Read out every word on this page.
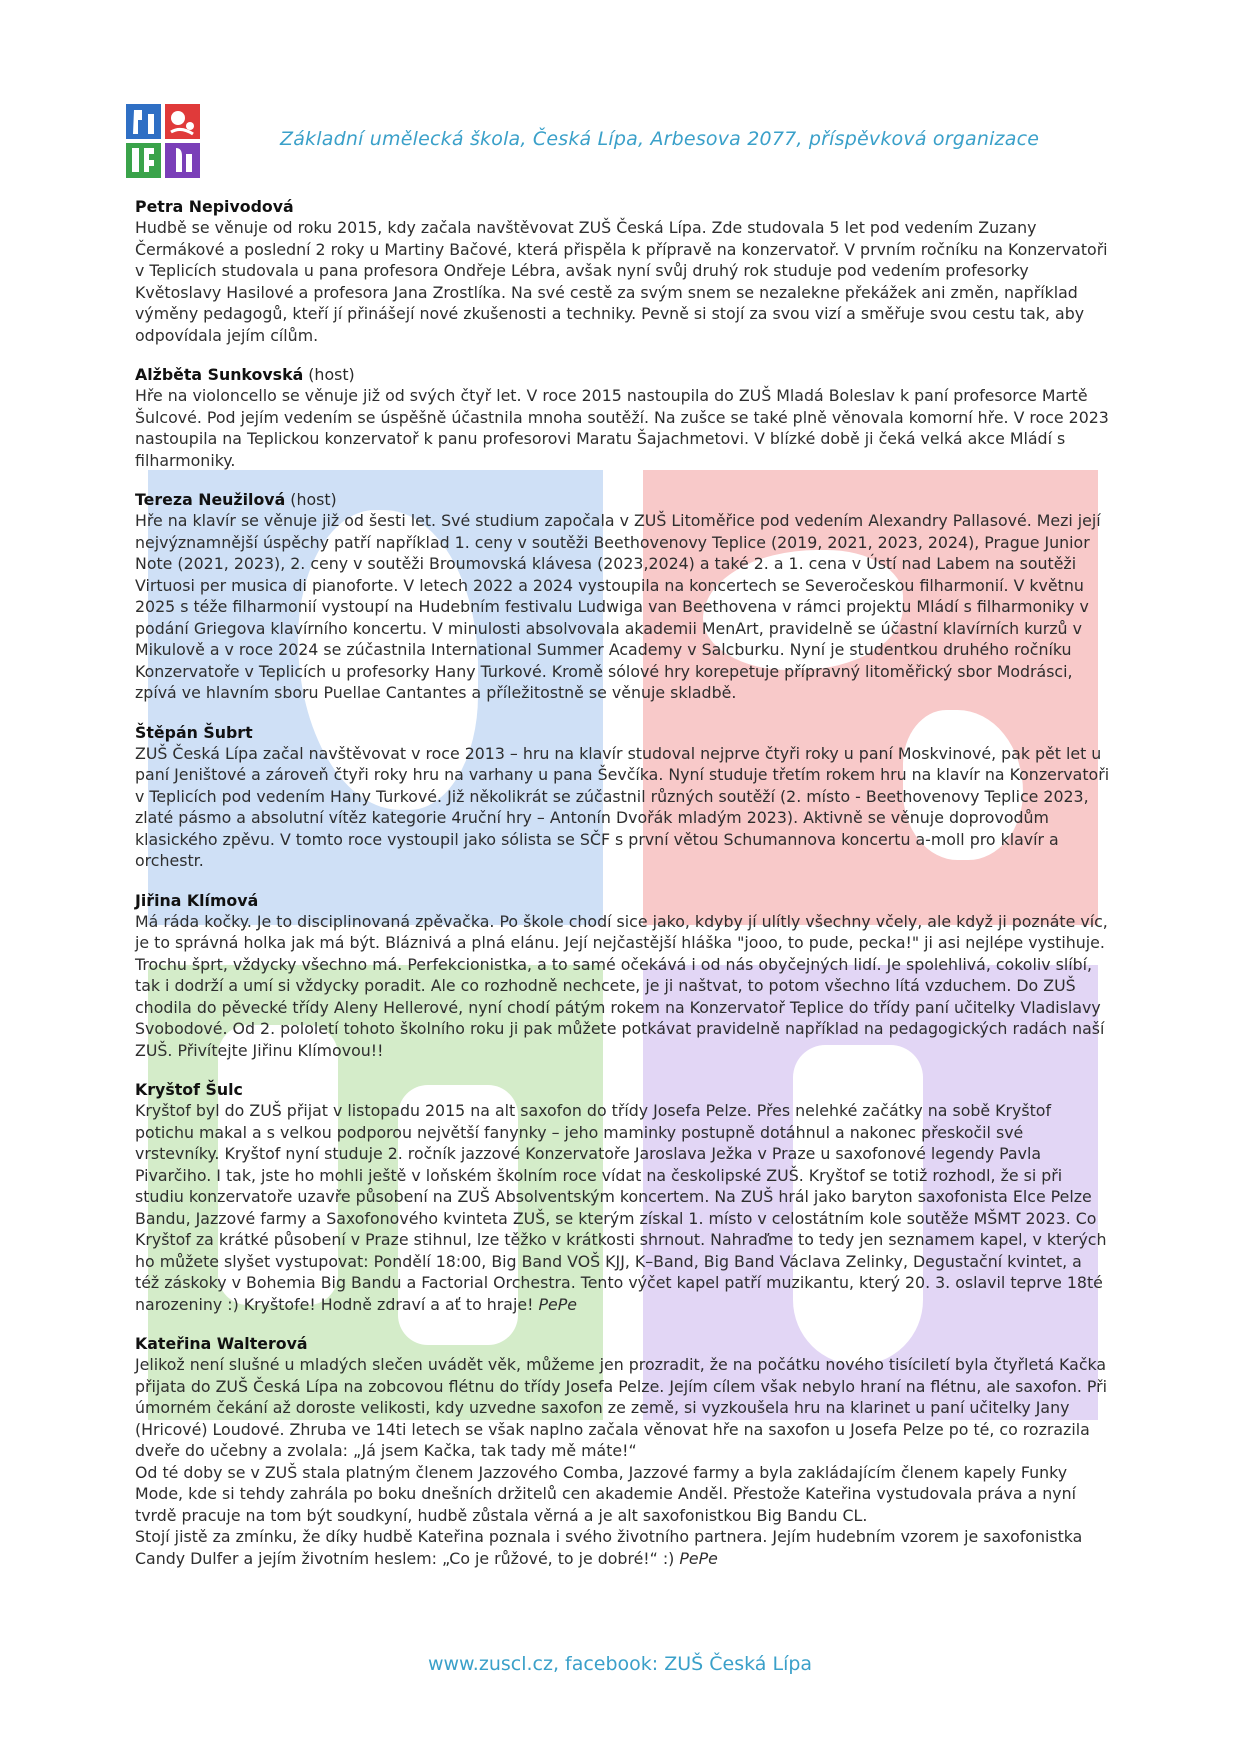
Základní umělecká škola, Česká Lípa, Arbesova 2077, příspěvková organizace
Petra Nepivodová

Hudbě se věnuje od roku 2015, kdy začala navštěvovat ZUŠ Česká Lípa. Zde studovala 5 let pod vedením Zuzany Čermákové a poslední 2 roky u Martiny Bačové, která přispěla k přípravě na konzervatoř. V prvním ročníku na Konzervatoři v Teplicích studovala u pana profesora Ondřeje Lébra, avšak nyní svůj druhý rok studuje pod vedením profesorky Květoslavy Hasilové a profesora Jana Zrostlíka. Na své cestě za svým snem se nezalekne překážek ani změn, například výměny pedagogů, kteří jí přinášejí nové zkušenosti a techniky. Pevně si stojí za svou vizí a směřuje svou cestu tak, aby odpovídala jejím cílům.

Alžběta Sunkovská (host)

Hře na violoncello se věnuje již od svých čtyř let. V roce 2015 nastoupila do ZUŠ Mladá Boleslav k paní profesorce Martě Šulcové. Pod jejím vedením se úspěšně účastnila mnoha soutěží. Na zušce se také plně věnovala komorní hře. V roce 2023 nastoupila na Teplickou konzervatoř k panu profesorovi Maratu Šajachmetovi. V blízké době ji čeká velká akce Mládí s filharmoniky.

Tereza Neužilová (host)

Hře na klavír se věnuje již od šesti let. Své studium započala v ZUŠ Litoměřice pod vedením Alexandry Pallasové. Mezi její nejvýznamnější úspěchy patří například 1. ceny v soutěži Beethovenovy Teplice (2019, 2021, 2023, 2024), Prague Junior Note (2021, 2023), 2. ceny v soutěži Broumovská klávesa (2023,2024) a také 2. a 1. cena v Ústí nad Labem na soutěži Virtuosi per musica di pianoforte. V letech 2022 a 2024 vystoupila na koncertech se Severočeskou filharmonií. V květnu 2025 s téže filharmonií vystoupí na Hudebním festivalu Ludwiga van Beethovena v rámci projektu Mládí s filharmoniky v podání Griegova klavírního koncertu. V minulosti absolvovala akademii MenArt, pravidelně se účastní klavírních kurzů v Mikulově a v roce 2024 se zúčastnila International Summer Academy v Salcburku. Nyní je studentkou druhého ročníku Konzervatoře v Teplicích u profesorky Hany Turkové. Kromě sólové hry korepetuje přípravný litoměřický sbor Modrásci, zpívá ve hlavním sboru Puellae Cantantes a příležitostně se věnuje skladbě.

Štěpán Šubrt

ZUŠ Česká Lípa začal navštěvovat v roce 2013 – hru na klavír studoval nejprve čtyři roky u paní Moskvinové, pak pět let u paní Jeništové a zároveň čtyři roky hru na varhany u pana Ševčíka. Nyní studuje třetím rokem hru na klavír na Konzervatoři v Teplicích pod vedením Hany Turkové. Již několikrát se zúčastnil různých soutěží (2. místo - Beethovenovy Teplice 2023, zlaté pásmo a absolutní vítěz kategorie 4ruční hry – Antonín Dvořák mladým 2023). Aktivně se věnuje doprovodům klasického zpěvu. V tomto roce vystoupil jako sólista se SČF s první větou Schumannova koncertu a-moll pro klavír a orchestr.

Jiřina Klímová

Má ráda kočky. Je to disciplinovaná zpěvačka. Po škole chodí sice jako, kdyby jí ulítly všechny včely, ale když ji poznáte víc, je to správná holka jak má být. Bláznivá a plná elánu. Její nejčastější hláška "jooo, to pude, pecka!" ji asi nejlépe vystihuje. Trochu šprt, vždycky všechno má. Perfekcionistka, a to samé očekává i od nás obyčejných lidí. Je spolehlivá, cokoliv slíbí, tak i dodrží a umí si vždycky poradit. Ale co rozhodně nechcete, je ji naštvat, to potom všechno lítá vzduchem. Do ZUŠ chodila do pěvecké třídy Aleny Hellerové, nyní chodí pátým rokem na Konzervatoř Teplice do třídy paní učitelky Vladislavy Svobodové. Od 2. pololetí tohoto školního roku ji pak můžete potkávat pravidelně například na pedagogických radách naší ZUŠ. Přivítejte Jiřinu Klímovou!!

Kryštof Šulc

Kryštof byl do ZUŠ přijat v listopadu 2015 na alt saxofon do třídy Josefa Pelze. Přes nelehké začátky na sobě Kryštof potichu makal a s velkou podporou největší fanynky – jeho maminky postupně dotáhnul a nakonec přeskočil své vrstevníky. Kryštof nyní studuje 2. ročník jazzové Konzervatoře Jaroslava Ježka v Praze u saxofonové legendy Pavla Pivarčiho. I tak, jste ho mohli ještě v loňském školním roce vídat na českolipské ZUŠ. Kryštof se totiž rozhodl, že si při studiu konzervatoře uzavře působení na ZUŠ Absolventským koncertem. Na ZUŠ hrál jako baryton saxofonista Elce Pelze Bandu, Jazzové farmy a Saxofonového kvinteta ZUŠ, se kterým získal 1. místo v celostátním kole soutěže MŠMT 2023. Co Kryštof za krátké působení v Praze stihnul, lze těžko v krátkosti shrnout. Nahraďme to tedy jen seznamem kapel, v kterých ho můžete slyšet vystupovat: Pondělí 18:00, Big Band VOŠ KJJ, K–Band, Big Band Václava Zelinky, Degustační kvintet, a též záskoky v Bohemia Big Bandu a Factorial Orchestra. Tento výčet kapel patří muzikantu, který 20. 3. oslavil teprve 18té narozeniny :) Kryštofe! Hodně zdraví a ať to hraje! PePe

Kateřina Walterová

Jelikož není slušné u mladých slečen uvádět věk, můžeme jen prozradit, že na počátku nového tisíciletí byla čtyřletá Kačka přijata do ZUŠ Česká Lípa na zobcovou flétnu do třídy Josefa Pelze. Jejím cílem však nebylo hraní na flétnu, ale saxofon. Při úmorném čekání až doroste velikosti, kdy uzvedne saxofon ze země, si vyzkoušela hru na klarinet u paní učitelky Jany (Hricové) Loudové. Zhruba ve 14ti letech se však naplno začala věnovat hře na saxofon u Josefa Pelze po té, co rozrazila dveře do učebny a zvolala: „Já jsem Kačka, tak tady mě máte!“

Od té doby se v ZUŠ stala platným členem Jazzového Comba, Jazzové farmy a byla zakládajícím členem kapely Funky Mode, kde si tehdy zahrála po boku dnešních držitelů cen akademie Anděl. Přestože Kateřina vystudovala práva a nyní tvrdě pracuje na tom být soudkyní, hudbě zůstala věrná a je alt saxofonistkou Big Bandu CL.

Stojí jistě za zmínku, že díky hudbě Kateřina poznala i svého životního partnera. Jejím hudebním vzorem je saxofonistka Candy Dulfer a jejím životním heslem: „Co je růžové, to je dobré!“ :) PePe

www.zuscl.cz, facebook: ZUŠ Česká Lípa
